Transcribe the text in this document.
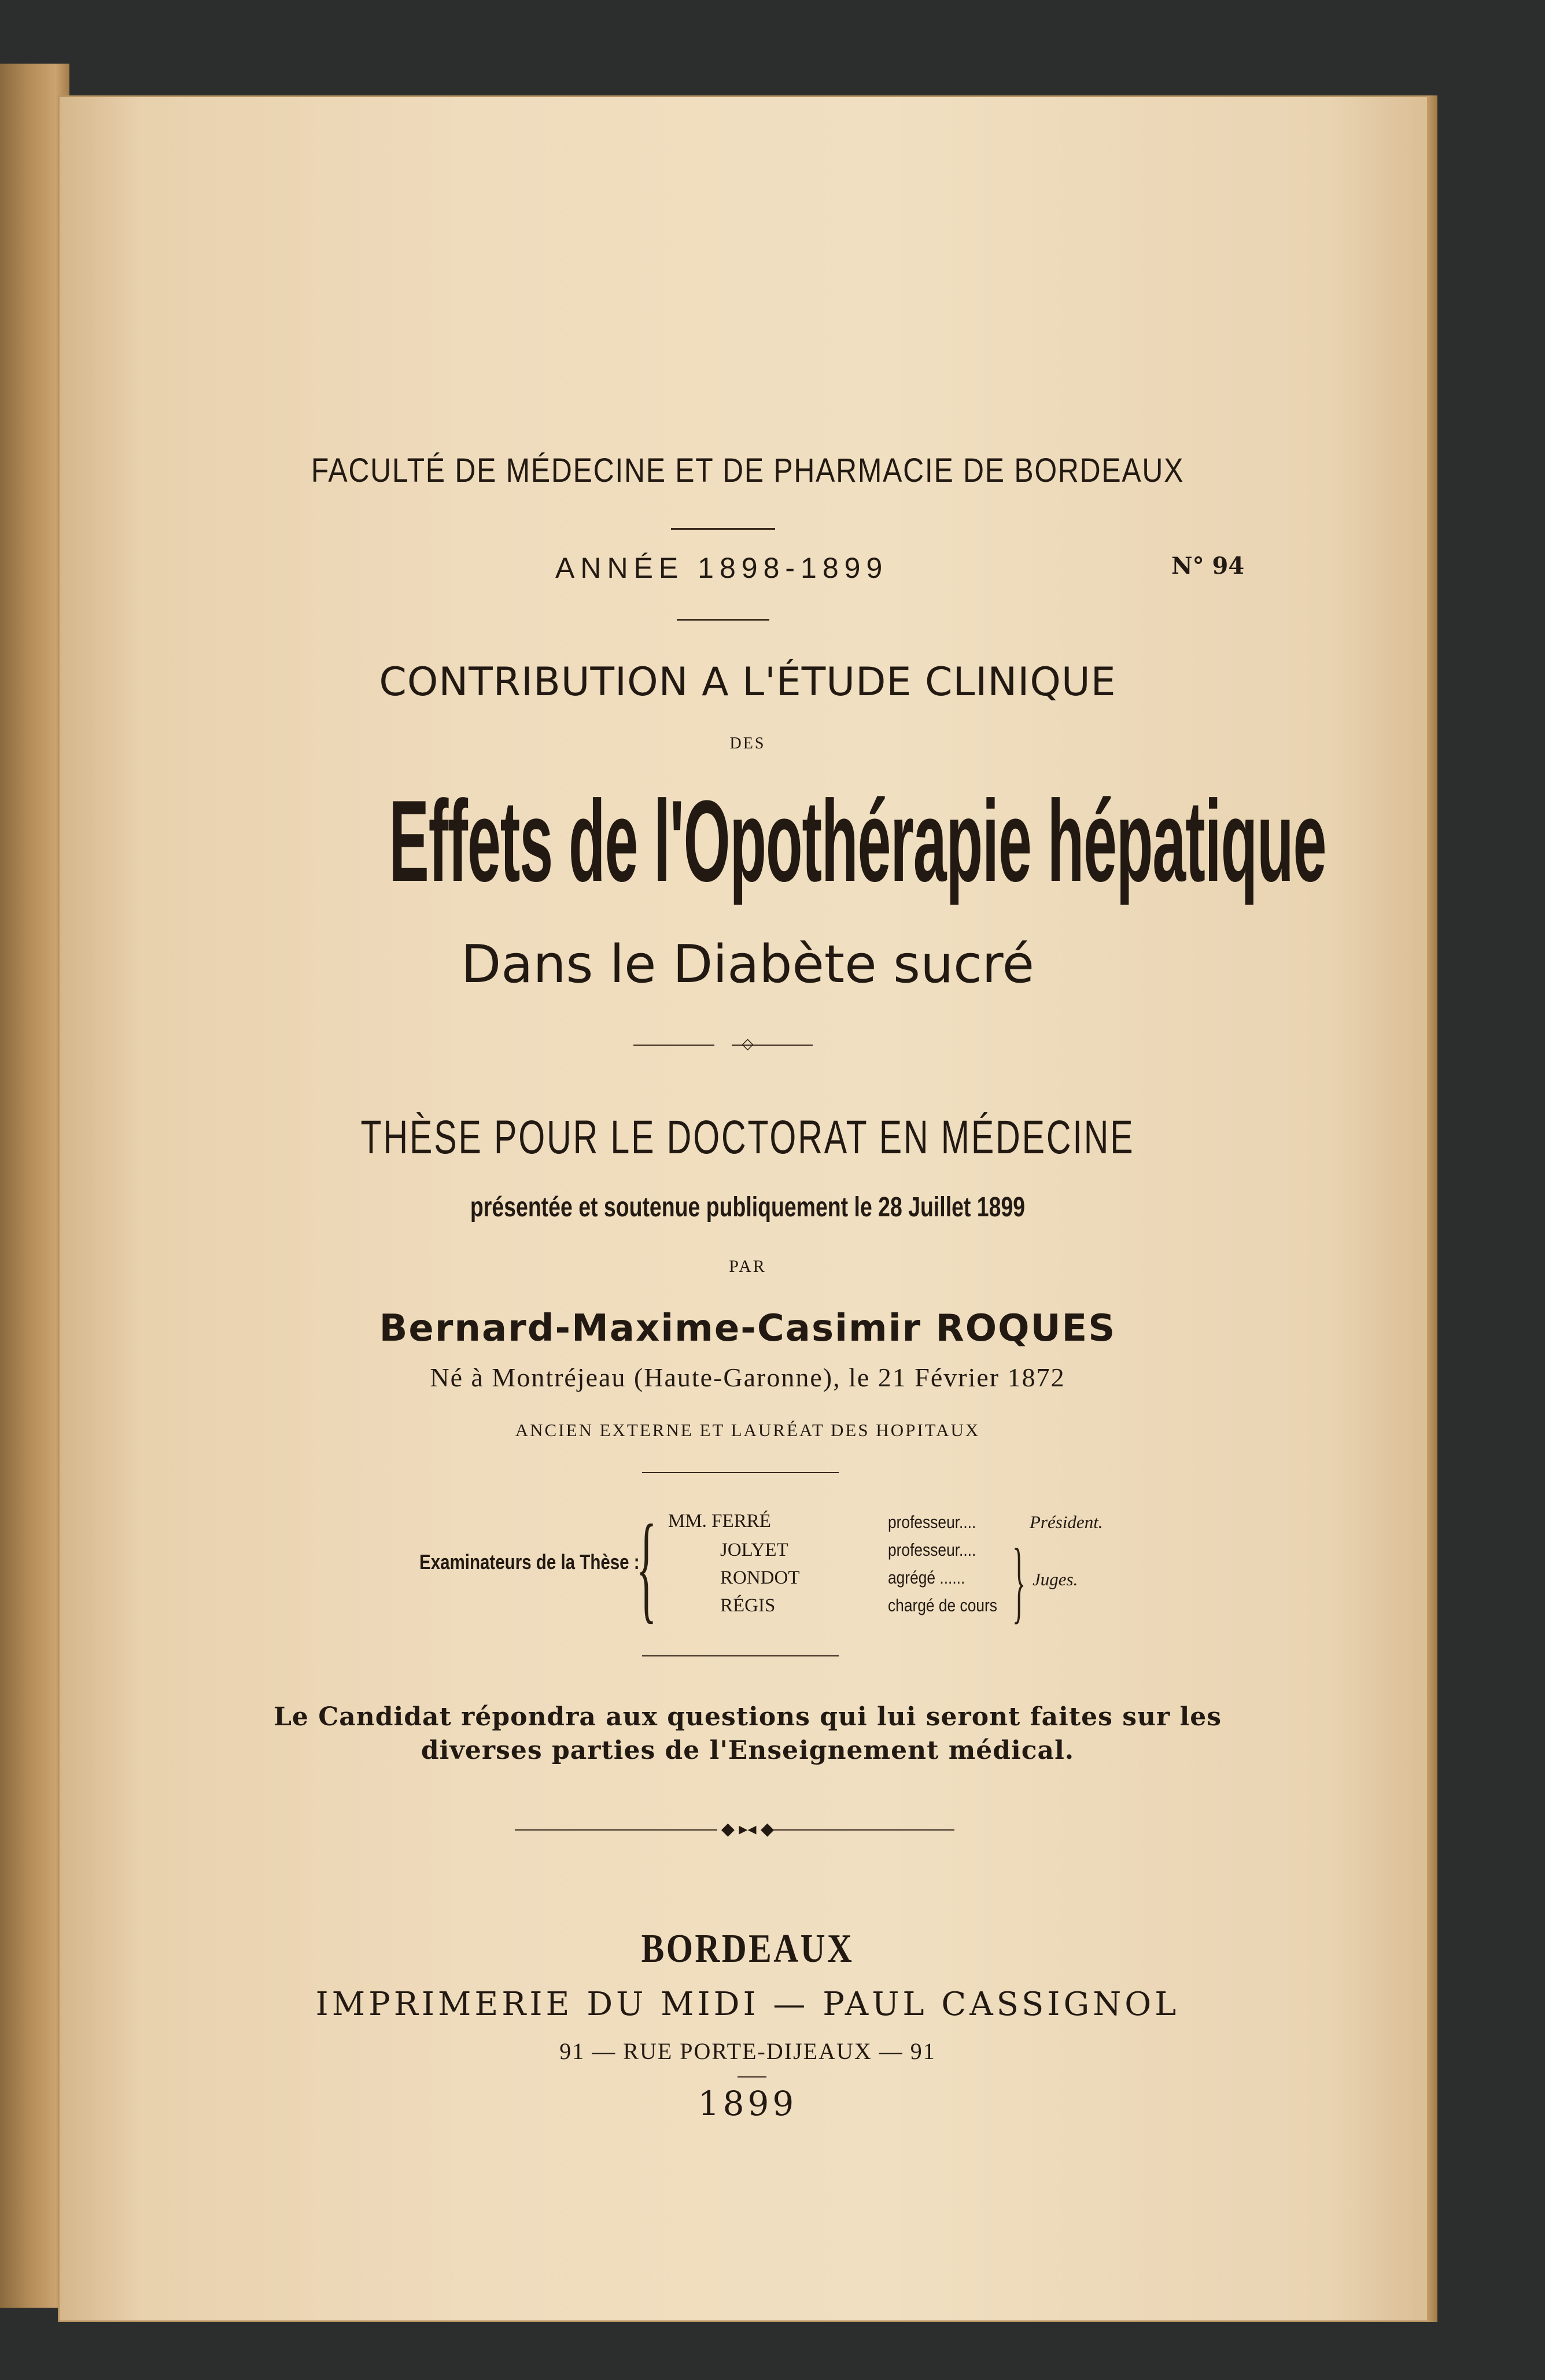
FACULTÉ DE MÉDECINE ET DE PHARMACIE DE BORDEAUX
ANNÉE 1898-1899	N° 94
CONTRIBUTION A L'ÉTUDE CLINIQUE
DES
Effets de l'Opothérapie hépatique
Dans le Diabète sucré
◇
THÈSE POUR LE DOCTORAT EN MÉDECINE
présentée et soutenue publiquement le 28 Juillet 1899
PAR
Bernard-Maxime-Casimir ROQUES
Né à Montréjeau (Haute-Garonne), le 21 Février 1872
ANCIEN EXTERNE ET LAURÉAT DES HOPITAUX
Examinateurs de la Thèse :
{ MM. FERRÉ
JOLYET
RONDOT
RÉGIS
professeur....
professeur....
agrégé ......
chargé de cours
Président.
} Juges.
Le Candidat répondra aux questions qui lui seront faites sur les
diverses parties de l'Enseignement médical.
◆ ▸◂ ◆
BORDEAUX
IMPRIMERIE DU MIDI — PAUL CASSIGNOL
91 — RUE PORTE-DIJEAUX — 91
1899
